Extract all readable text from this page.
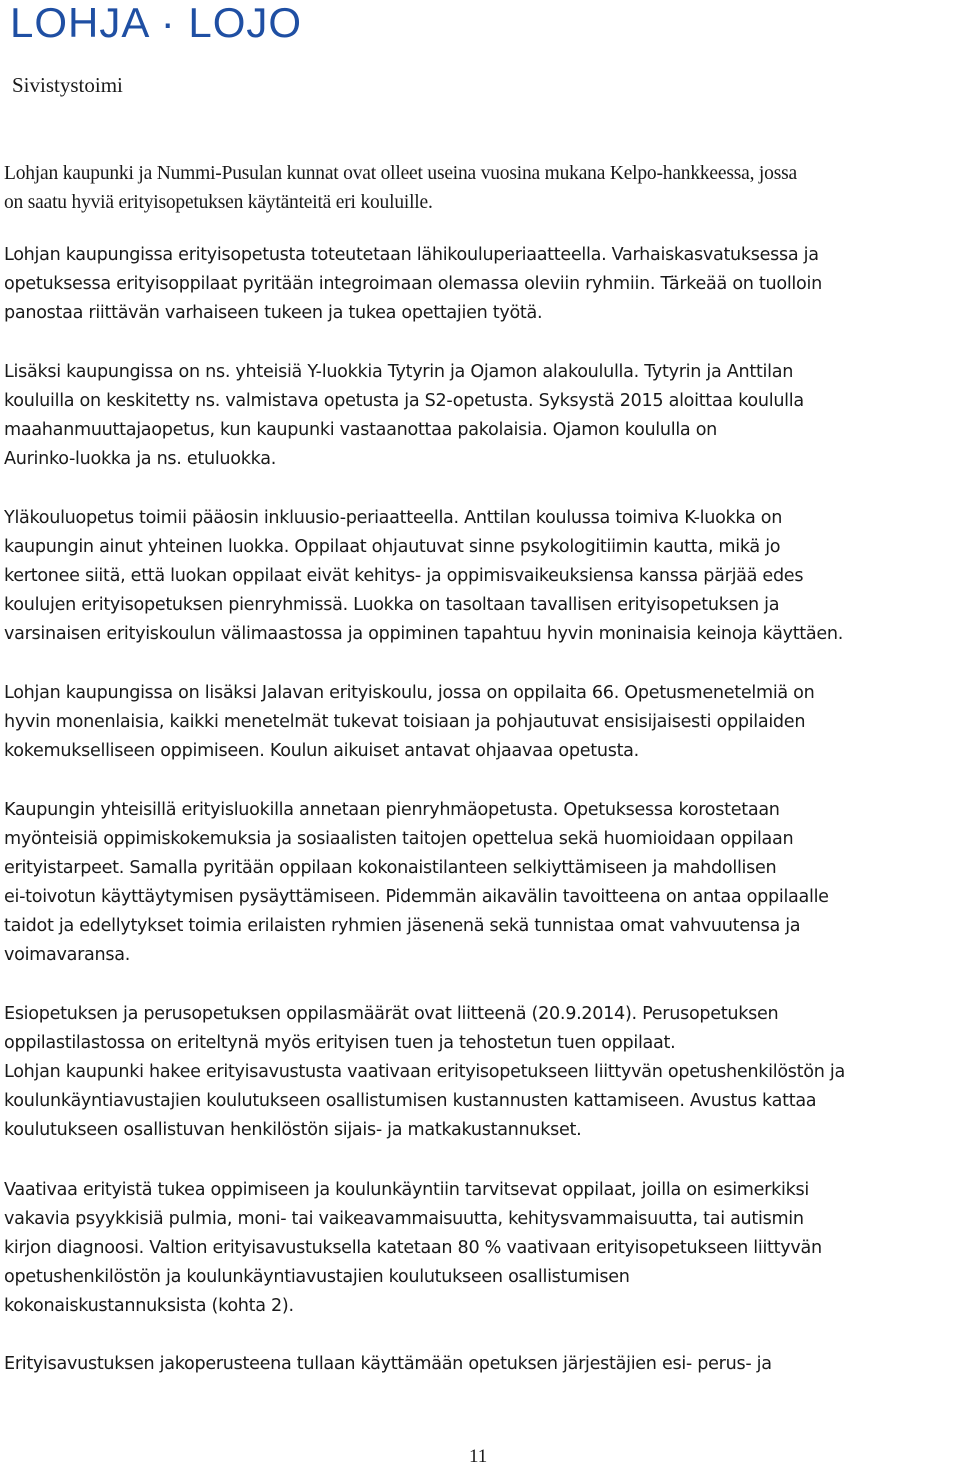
LOHJA · LOJO
Sivistystoimi
Lohjan kaupunki ja Nummi-Pusulan kunnat ovat olleet useina vuosina mukana Kelpo-hankkeessa, jossa
on saatu hyviä erityisopetuksen käytänteitä eri kouluille.
Lohjan kaupungissa erityisopetusta toteutetaan lähikouluperiaatteella. Varhaiskasvatuksessa ja
opetuksessa erityisoppilaat pyritään integroimaan olemassa oleviin ryhmiin. Tärkeää on tuolloin
panostaa riittävän varhaiseen tukeen ja tukea opettajien työtä.
Lisäksi kaupungissa on ns. yhteisiä Y-luokkia Tytyrin ja Ojamon alakoululla. Tytyrin ja Anttilan
kouluilla on keskitetty ns. valmistava opetusta ja S2-opetusta. Syksystä 2015 aloittaa koululla
maahanmuuttajaopetus, kun kaupunki vastaanottaa pakolaisia. Ojamon koululla on
Aurinko-luokka ja ns. etuluokka.
Yläkouluopetus toimii pääosin inkluusio-periaatteella. Anttilan koulussa toimiva K-luokka on
kaupungin ainut yhteinen luokka. Oppilaat ohjautuvat sinne psykologitiimin kautta, mikä jo
kertonee siitä, että luokan oppilaat eivät kehitys- ja oppimisvaikeuksiensa kanssa pärjää edes
koulujen erityisopetuksen pienryhmissä. Luokka on tasoltaan tavallisen erityisopetuksen ja
varsinaisen erityiskoulun välimaastossa ja oppiminen tapahtuu hyvin moninaisia keinoja käyttäen.
Lohjan kaupungissa on lisäksi Jalavan erityiskoulu, jossa on oppilaita 66. Opetusmenetelmiä on
hyvin monenlaisia, kaikki menetelmät tukevat toisiaan ja pohjautuvat ensisijaisesti oppilaiden
kokemukselliseen oppimiseen. Koulun aikuiset antavat ohjaavaa opetusta.
Kaupungin yhteisillä erityisluokilla annetaan pienryhmäopetusta. Opetuksessa korostetaan
myönteisiä oppimiskokemuksia ja sosiaalisten taitojen opettelua sekä huomioidaan oppilaan
erityistarpeet. Samalla pyritään oppilaan kokonaistilanteen selkiyttämiseen ja mahdollisen
ei-toivotun käyttäytymisen pysäyttämiseen. Pidemmän aikavälin tavoitteena on antaa oppilaalle
taidot ja edellytykset toimia erilaisten ryhmien jäsenenä sekä tunnistaa omat vahvuutensa ja
voimavaransa.
Esiopetuksen ja perusopetuksen oppilasmäärät ovat liitteenä (20.9.2014). Perusopetuksen
oppilastilastossa on eriteltynä myös erityisen tuen ja tehostetun tuen oppilaat.
Lohjan kaupunki hakee erityisavustusta vaativaan erityisopetukseen liittyvän opetushenkilöstön ja
koulunkäyntiavustajien koulutukseen osallistumisen kustannusten kattamiseen. Avustus kattaa
koulutukseen osallistuvan henkilöstön sijais- ja matkakustannukset.
Vaativaa erityistä tukea oppimiseen ja koulunkäyntiin tarvitsevat oppilaat, joilla on esimerkiksi
vakavia psyykkisiä pulmia, moni- tai vaikeavammaisuutta, kehitysvammaisuutta, tai autismin
kirjon diagnoosi. Valtion erityisavustuksella katetaan 80 % vaativaan erityisopetukseen liittyvän
opetushenkilöstön ja koulunkäyntiavustajien koulutukseen osallistumisen
kokonaiskustannuksista (kohta 2).
Erityisavustuksen jakoperusteena tullaan käyttämään opetuksen järjestäjien esi- perus- ja
11
